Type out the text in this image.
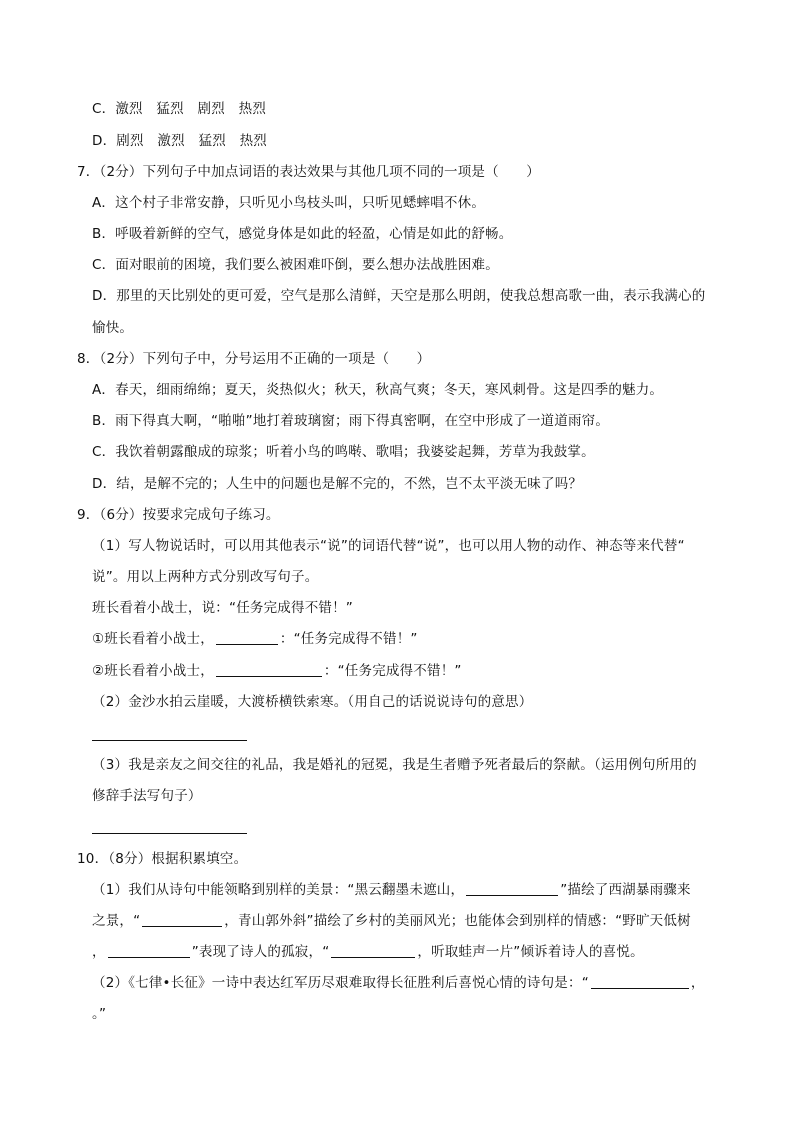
C．激烈　猛烈　剧烈　热烈
D．剧烈　激烈　猛烈　热烈
7．（2分）下列句子中加点词语的表达效果与其他几项不同的一项是（　　）
A．这个村子非常安静，只听见小鸟枝头叫，只听见蟋蟀唱不休。
B．呼吸着新鲜的空气，感觉身体是如此的轻盈，心情是如此的舒畅。
C．面对眼前的困境，我们要么被困难吓倒，要么想办法战胜困难。
D．那里的天比别处的更可爱，空气是那么清鲜，天空是那么明朗，使我总想高歌一曲，表示我满心的
愉快。
8．（2分）下列句子中，分号运用不正确的一项是（　　）
A．春天，细雨绵绵；夏天，炎热似火；秋天，秋高气爽；冬天，寒风刺骨。这是四季的魅力。
B．雨下得真大啊，“啪啪”地打着玻璃窗；雨下得真密啊，在空中形成了一道道雨帘。
C．我饮着朝露酿成的琼浆；听着小鸟的鸣啭、歌唱；我婆娑起舞，芳草为我鼓掌。
D．结，是解不完的；人生中的问题也是解不完的，不然，岂不太平淡无味了吗？
9．（6分）按要求完成句子练习。
（1）写人物说话时，可以用其他表示“说”的词语代替“说”，也可以用人物的动作、神态等来代替“
说”。用以上两种方式分别改写句子。
班长看着小战士，说：“任务完成得不错！”
①班长看着小战士，	：“任务完成得不错！”
②班长看着小战士，	：“任务完成得不错！”
（2）金沙水拍云崖暖，大渡桥横铁索寒。（用自己的话说说诗句的意思）
（3）我是亲友之间交往的礼品，我是婚礼的冠冕，我是生者赠予死者最后的祭献。（运用例句所用的
修辞手法写句子）
10．（8分）根据积累填空。
（1）我们从诗句中能领略到别样的美景：“黑云翻墨未遮山，	”描绘了西湖暴雨骤来
之景，“	，青山郭外斜”描绘了乡村的美丽风光；也能体会到别样的情感：“野旷天低树
，	”表现了诗人的孤寂，“	，听取蛙声一片”倾诉着诗人的喜悦。
（2）《七律•长征》一诗中表达红军历尽艰难取得长征胜利后喜悦心情的诗句是：“	，
。”
